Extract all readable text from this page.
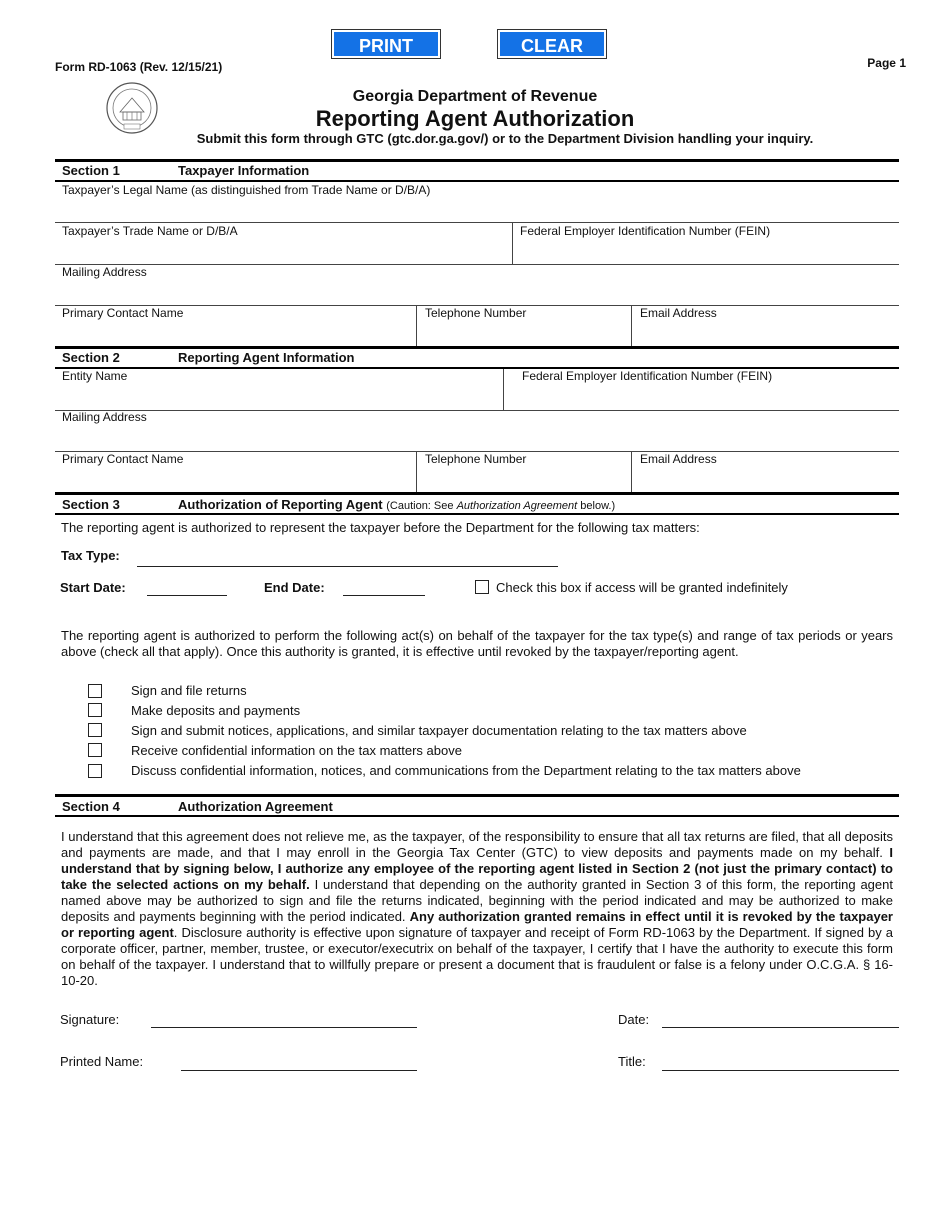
PRINT	CLEAR
Form RD-1063 (Rev. 12/15/21)	Page 1
Georgia Department of Revenue
Reporting Agent Authorization
Submit this form through GTC (gtc.dor.ga.gov/) or to the Department Division handling your inquiry.
Section 1	Taxpayer Information
Taxpayer’s Legal Name (as distinguished from Trade Name or D/B/A)
Taxpayer’s Trade Name or D/B/A	Federal Employer Identification Number (FEIN)
Mailing Address
Primary Contact Name	Telephone Number	Email Address
Section 2	Reporting Agent Information
Entity Name	Federal Employer Identification Number (FEIN)
Mailing Address
Primary Contact Name	Telephone Number	Email Address
Section 3	Authorization of Reporting Agent (Caution: See Authorization Agreement below.)
The reporting agent is authorized to represent the taxpayer before the Department for the following tax matters:
Tax Type:
Start Date:	End Date:	Check this box if access will be granted indefinitely
The reporting agent is authorized to perform the following act(s) on behalf of the taxpayer for the tax type(s) and range of tax periods or years above (check all that apply). Once this authority is granted, it is effective until revoked by the taxpayer/reporting agent.
Sign and file returns
Make deposits and payments
Sign and submit notices, applications, and similar taxpayer documentation relating to the tax matters above
Receive confidential information on the tax matters above
Discuss confidential information, notices, and communications from the Department relating to the tax matters above
Section 4	Authorization Agreement
I understand that this agreement does not relieve me, as the taxpayer, of the responsibility to ensure that all tax returns are filed, that all deposits and payments are made, and that I may enroll in the Georgia Tax Center (GTC) to view deposits and payments made on my behalf. I understand that by signing below, I authorize any employee of the reporting agent listed in Section 2 (not just the primary contact) to take the selected actions on my behalf. I understand that depending on the authority granted in Section 3 of this form, the reporting agent named above may be authorized to sign and file the returns indicated, beginning with the period indicated and may be authorized to make deposits and payments beginning with the period indicated. Any authorization granted remains in effect until it is revoked by the taxpayer or reporting agent. Disclosure authority is effective upon signature of taxpayer and receipt of Form RD-1063 by the Department. If signed by a corporate officer, partner, member, trustee, or executor/executrix on behalf of the taxpayer, I certify that I have the authority to execute this form on behalf of the taxpayer. I understand that to willfully prepare or present a document that is fraudulent or false is a felony under O.C.G.A. § 16-10-20.
Signature:	Date:
Printed Name:	Title:
